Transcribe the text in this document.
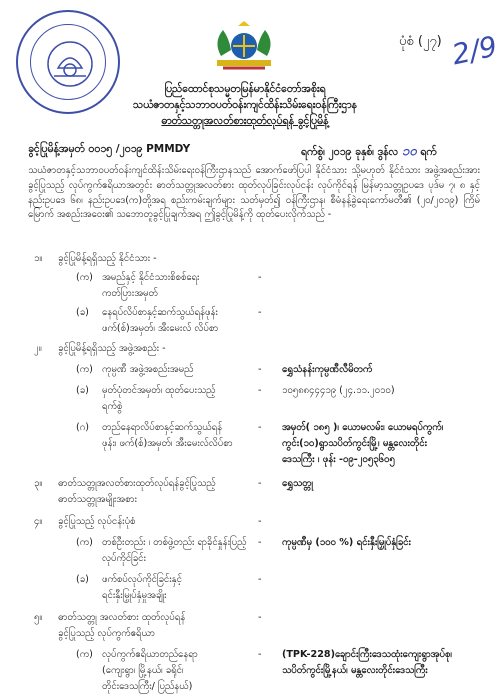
ပုံစံ (၂၇) 2/9
ပြည်ထောင်စုသမ္မတမြန်မာနိုင်ငံတော်အစိုးရ
သယံဇာတနှင့်သဘာဝပတ်ဝန်းကျင်ထိန်းသိမ်းရေးဝန်ကြီးဌာန
ဓာတ်သတ္တုအလတ်စားထုတ်လုပ်ရန် ခွင့်ပြုမိန့်
ခွင့်ပြုမိန့်အမှတ် ၀၀၁၅ /၂၀၁၉ PMMDY	ရက်စွဲ၊ ၂၀၁၉ ခုနှစ်၊ ဒွန်လ ၁၀ ရက်
သယံဇာတနှင့်သဘာဝပတ်ဝန်းကျင်ထိန်းသိမ်းရေးဝန်ကြီးဌာနသည် အောက်ဖော်ပြပါ နိုင်ငံသား သို့မဟုတ် နိုင်ငံသား အဖွဲ့အစည်းအား ခွင့်ပြုသည့် လုပ်ကွက်ဧရိယာအတွင်း ဓာတ်သတ္တုအလတ်စား ထုတ်လုပ်ခြင်းလုပ်ငန်း လုပ်ကိုင်ရန် မြန်မာ့သတ္တုဥပဒေ ပုဒ်မ ၇၊ ၈ နှင့် နည်းဥပဒေ ၆၈၊ နည်းဥပဒေ(က)တို့အရ စည်းကမ်းချက်များ သတ်မှတ်၍ ဝန်ကြီးဌာန၊ စီမံနန့်ခွဲရေးကော်မတီ၏ (၂၀/၂၀၁၉) ကြိမ်မြောက် အစည်းအဝေး၏ သဘောတူခွင့်ပြုချက်အရ ဤခွင့်ပြုမိန့်ကို ထုတ်ပေးလိုက်သည် -
၁။ ခွင့်ပြုမိန့်ရရှိသည့် နိုင်ငံသား -
(က) အမည်နှင့် နိုင်ငံသားစိစစ်ရေး	-
ကတ်ပြားအမှတ်
(ခ) နေရပ်လိပ်စာနှင့်ဆက်သွယ်ရန်ဖုန်း	-
ဖက်(စ်)အမှတ်၊ အီးမေးလ် လိပ်စာ
၂။ ခွင့်ပြုမိန့်ရရှိသည့် အဖွဲ့အစည်း -
(က) ကုမ္ပဏီ အဖွဲ့အစည်းအမည်	- ရွှေသံနန်းကုမ္ပဏီလီမိတက်
(ခ) မှတ်ပုံတင်အမှတ်၊ ထုတ်ပေးသည့်	- ၁၀၅၈၈၄၄၄၁၉ (၂၄.၁၁.၂၀၁၀)
ရက်စွဲ
(ဂ) တည်နေရာလိပ်စာနှင့်ဆက်သွယ်ရန်	- အမှတ်( ၁၈၅ )၊ ယောမလမ်း၊ ယောမရပ်ကွက်၊
ဖုန်း၊ ဖက်(စ်)အမှတ်၊ အီးမေးလ်လိပ်စာ	ကွင်း(၁၀)ရွာသပိတ်ကွင်းမြို့၊ မန္တလေးတိုင်း
ဒေသကြီး ၊ ဖုန်း -၀၉-၂၀၅၃၆၀၅
၃။ ဓာတ်သတ္တုအလတ်စားထုတ်လုပ်ရန်ခွင့်ပြုသည့်	- ရွှေသတ္တု
ဓာတ်သတ္တုအမျိုးအစား
၄။ ခွင့်ပြုသည့် လုပ်ငန်းပုံစံ	-
(က) တစ်ဦးတည်း ၊ တစ်ဖွဲ့တည်း ရာခိုင်နှုန်းပြည့်	- ကုမ္ပဏီမှ (၁၀၀ %) ရင်းနှီးမြှုပ်နှံခြင်း
လုပ်ကိုင်ခြင်း
(ခ) ဖက်စပ်လုပ်ကိုင်ခြင်းနှင့်	-
ရင်းနှီးမြှုပ်နှံမှုအချိုး
၅။ ဓာတ်သတ္တု အလတ်စား ထုတ်လုပ်ရန်	-
ခွင့်ပြုသည့် လုပ်ကွက်ဧရိယာ
(က) လုပ်ကွက်ဧရိယာတည်နေရာ	- (TPK-228)ချောင်းကြီးဒေသထုံးကျေးရွာအုပ်စု၊
(ကျေးရွာ၊ မြို့နယ်၊ ခရိုင်၊	သပိတ်ကွင်းမြို့နယ်၊ မန္တလေးတိုင်းဒေသကြီး
တိုင်းဒေသကြီး/ ပြည်နယ်)
